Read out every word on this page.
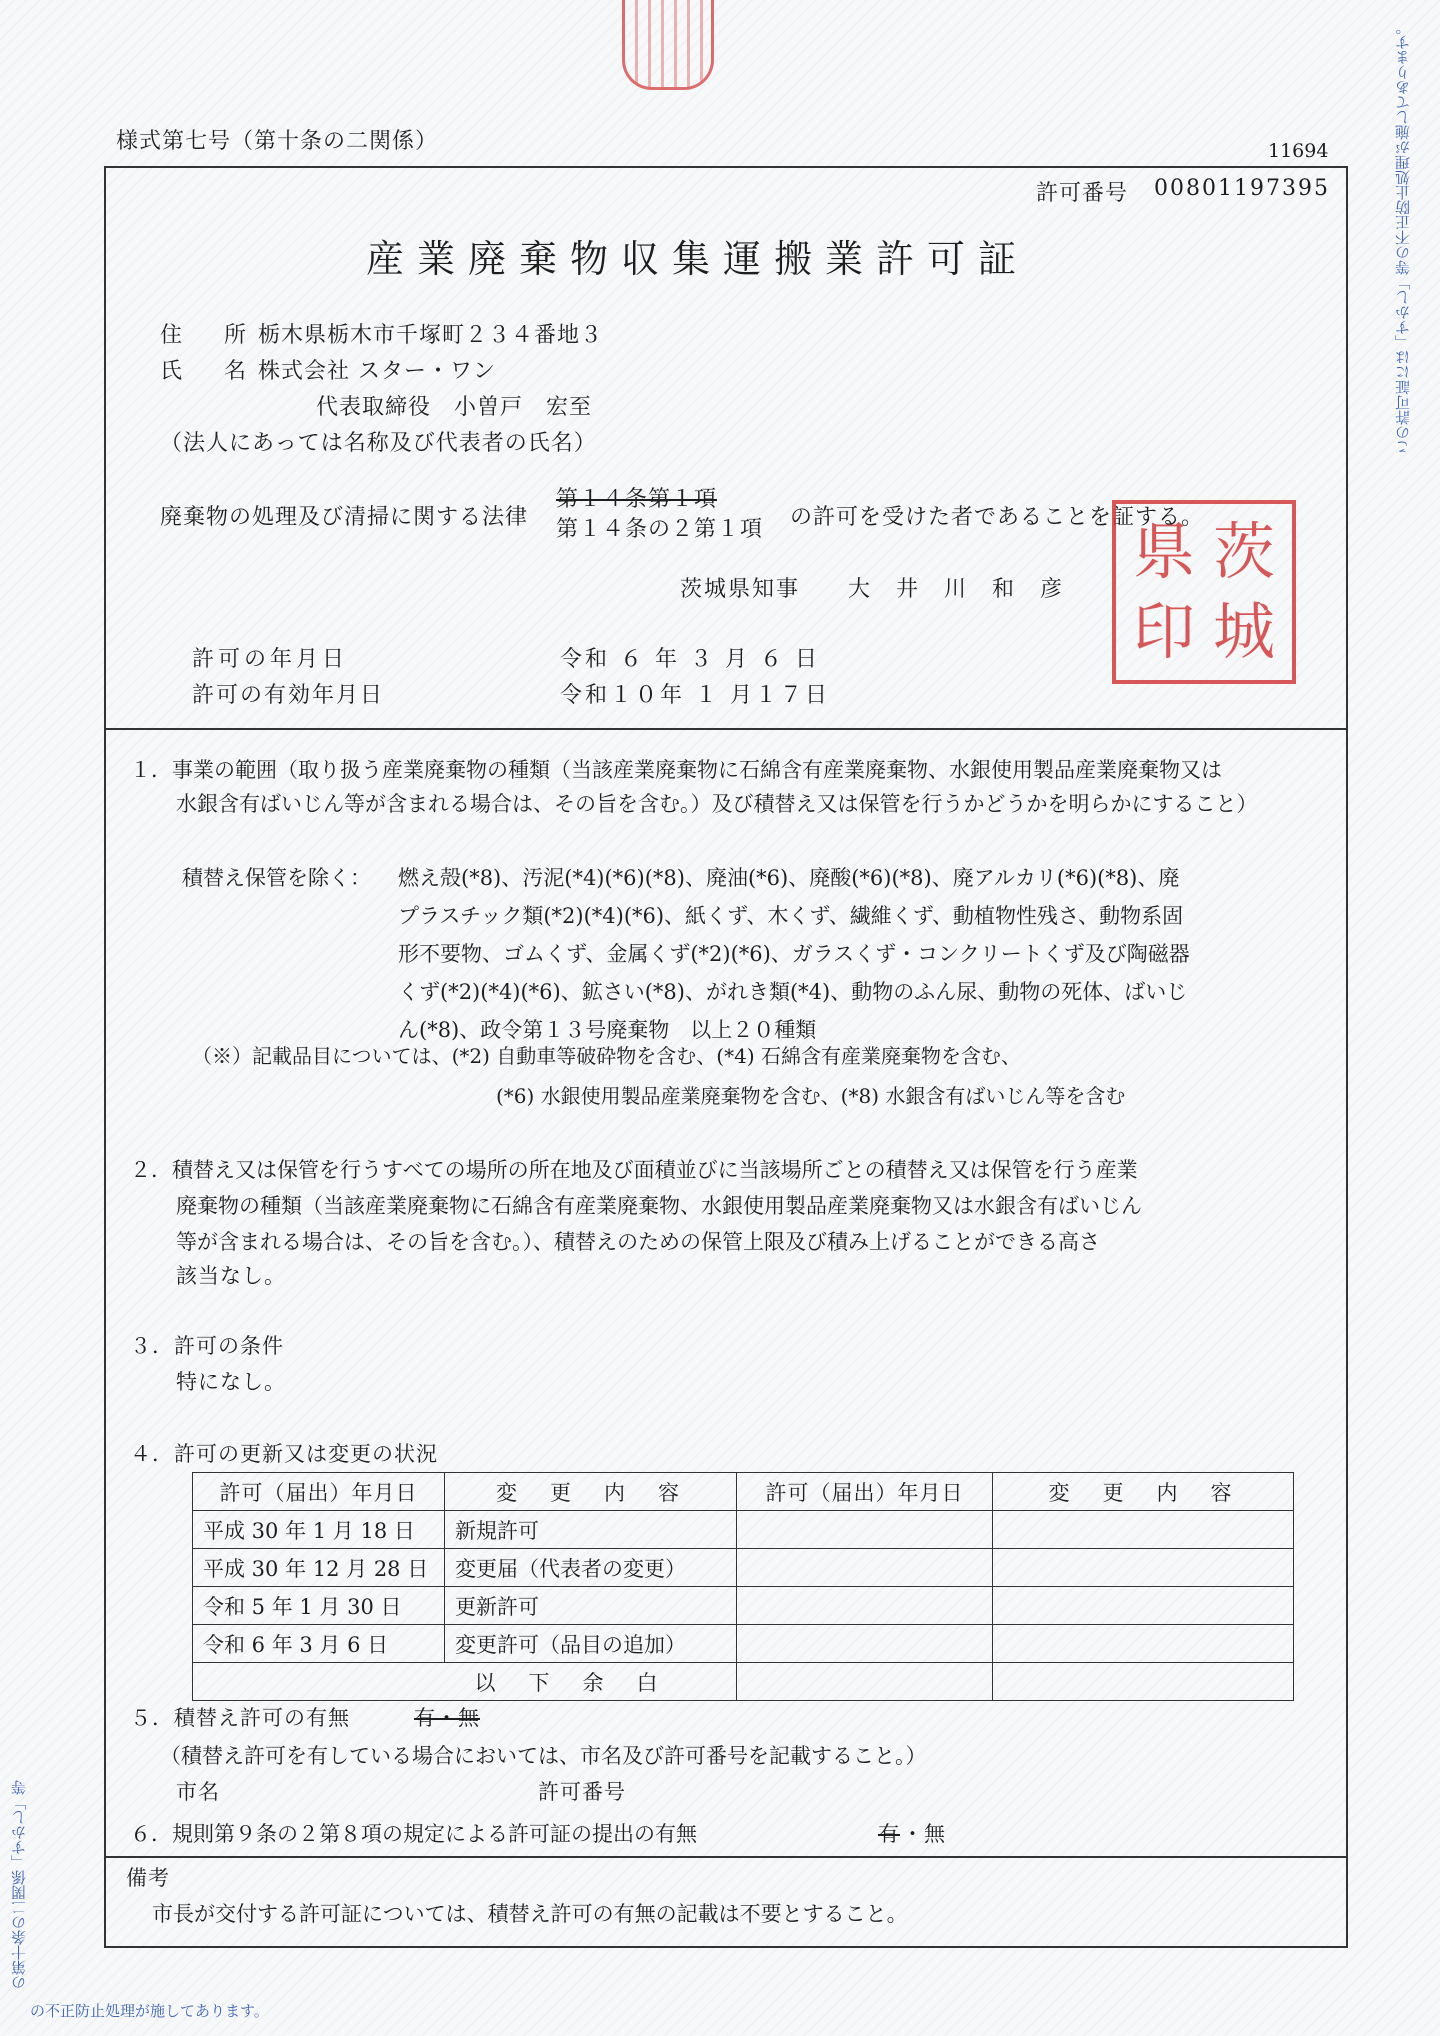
この許可証には「すかし」等の不正防止処理が施してあります。
の第十条の二関係「すかし」等
の不正防止処理が施してあります。
様式第七号（第十条の二関係）	11694
許可番号 00801197395
産業廃棄物収集運搬業許可証
住　所 栃木県栃木市千塚町２３４番地３
氏　名 株式会社 スター・ワン
代表取締役　小曽戸　宏至
（法人にあっては名称及び代表者の氏名）
廃棄物の処理及び清掃に関する法律
第１４条第１項
第１４条の２第１項 の許可を受けた者であることを証する。
茨城県知事　　大　井　川　和　彦
県 茨
印 城
許可の年月日	令和 ６ 年 ３ 月 ６ 日
許可の有効年月日	令和１０年 １ 月１７日
１．事業の範囲（取り扱う産業廃棄物の種類（当該産業廃棄物に石綿含有産業廃棄物、水銀使用製品産業廃棄物又は
水銀含有ばいじん等が含まれる場合は、その旨を含む。）及び積替え又は保管を行うかどうかを明らかにすること）
積替え保管を除く： 燃え殻(*8)、汚泥(*4)(*6)(*8)、廃油(*6)、廃酸(*6)(*8)、廃アルカリ(*6)(*8)、廃
プラスチック類(*2)(*4)(*6)、紙くず、木くず、繊維くず、動植物性残さ、動物系固
形不要物、ゴムくず、金属くず(*2)(*6)、ガラスくず・コンクリートくず及び陶磁器
くず(*2)(*4)(*6)、鉱さい(*8)、がれき類(*4)、動物のふん尿、動物の死体、ばいじ
ん(*8)、政令第１３号廃棄物　以上２０種類
（※）記載品目については、(*2) 自動車等破砕物を含む、(*4) 石綿含有産業廃棄物を含む、
(*6) 水銀使用製品産業廃棄物を含む、(*8) 水銀含有ばいじん等を含む
２．積替え又は保管を行うすべての場所の所在地及び面積並びに当該場所ごとの積替え又は保管を行う産業
廃棄物の種類（当該産業廃棄物に石綿含有産業廃棄物、水銀使用製品産業廃棄物又は水銀含有ばいじん
等が含まれる場合は、その旨を含む。）、積替えのための保管上限及び積み上げることができる高さ
該当なし。
３．許可の条件
特になし。
４．許可の更新又は変更の状況
許可（届出）年月日	変　更　内　容	許可（届出）年月日	変　更　内　容
平成 30 年 1 月 18 日	新規許可		
平成 30 年 12 月 28 日	変更届（代表者の変更）		
令和 5 年 1 月 30 日	更新許可		
令和 6 年 3 月 6 日	変更許可（品目の追加）		
	以　下　余　白		
５．積替え許可の有無	有・無
（積替え許可を有している場合においては、市名及び許可番号を記載すること。）
市名	許可番号
６．規則第９条の２第８項の規定による許可証の提出の有無	有 ・無
備考
市長が交付する許可証については、積替え許可の有無の記載は不要とすること。
